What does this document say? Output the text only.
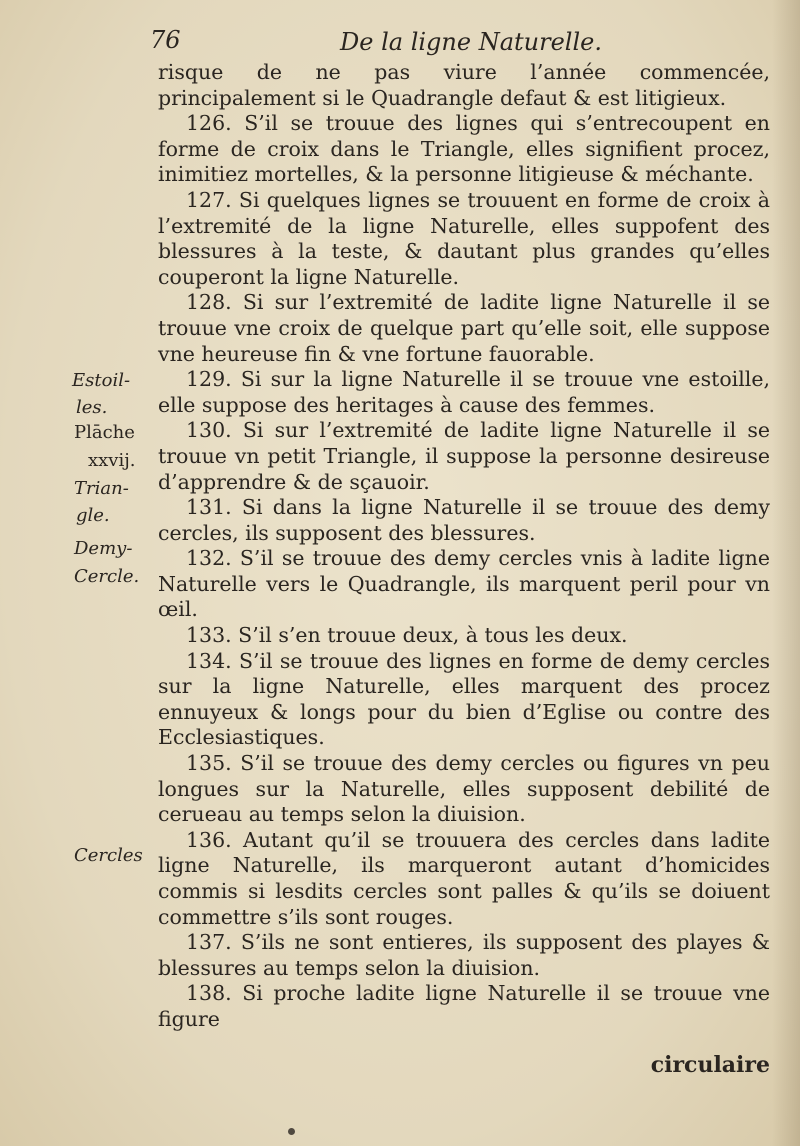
76	De la ligne Naturelle.
Estoil-
les.
Plāche
xxvij.
Trian-
gle.
Demy-
Cercle.
Cercles

risque de ne pas viure l’année commencée, principalement si le Quadrangle defaut & est litigieux.

126. S’il se trouue des lignes qui s’entrecoupent en forme de croix dans le Triangle, elles signifient procez, inimitiez mortelles, & la personne litigieuse & méchante.

127. Si quelques lignes se trouuent en forme de croix à l’extremité de la ligne Naturelle, elles suppofent des blessures à la teste, & dautant plus grandes qu’elles couperont la ligne Naturelle.

128. Si sur l’extremité de ladite ligne Naturelle il se trouue vne croix de quelque part qu’elle soit, elle suppose vne heureuse fin & vne fortune fauorable.

129. Si sur la ligne Naturelle il se trouue vne estoille, elle suppose des heritages à cause des femmes.

130. Si sur l’extremité de ladite ligne Naturelle il se trouue vn petit Triangle, il suppose la personne desireuse d’apprendre & de sçauoir.

131. Si dans la ligne Naturelle il se trouue des demy cercles, ils supposent des blessures.

132. S’il se trouue des demy cercles vnis à ladite ligne Naturelle vers le Quadrangle, ils marquent peril pour vn œil.

133. S’il s’en trouue deux, à tous les deux.

134. S’il se trouue des lignes en forme de demy cercles sur la ligne Naturelle, elles marquent des procez ennuyeux & longs pour du bien d’Eglise ou contre des Ecclesiastiques.

135. S’il se trouue des demy cercles ou figures vn peu longues sur la Naturelle, elles supposent debilité de cerueau au temps selon la diuision.

136. Autant qu’il se trouuera des cercles dans ladite ligne Naturelle, ils marqueront autant d’homicides commis si lesdits cercles sont palles & qu’ils se doiuent commettre s’ils sont rouges.

137. S’ils ne sont entieres, ils supposent des playes & blessures au temps selon la diuision.

138. Si proche ladite ligne Naturelle il se trouue vne figure

circulaire
